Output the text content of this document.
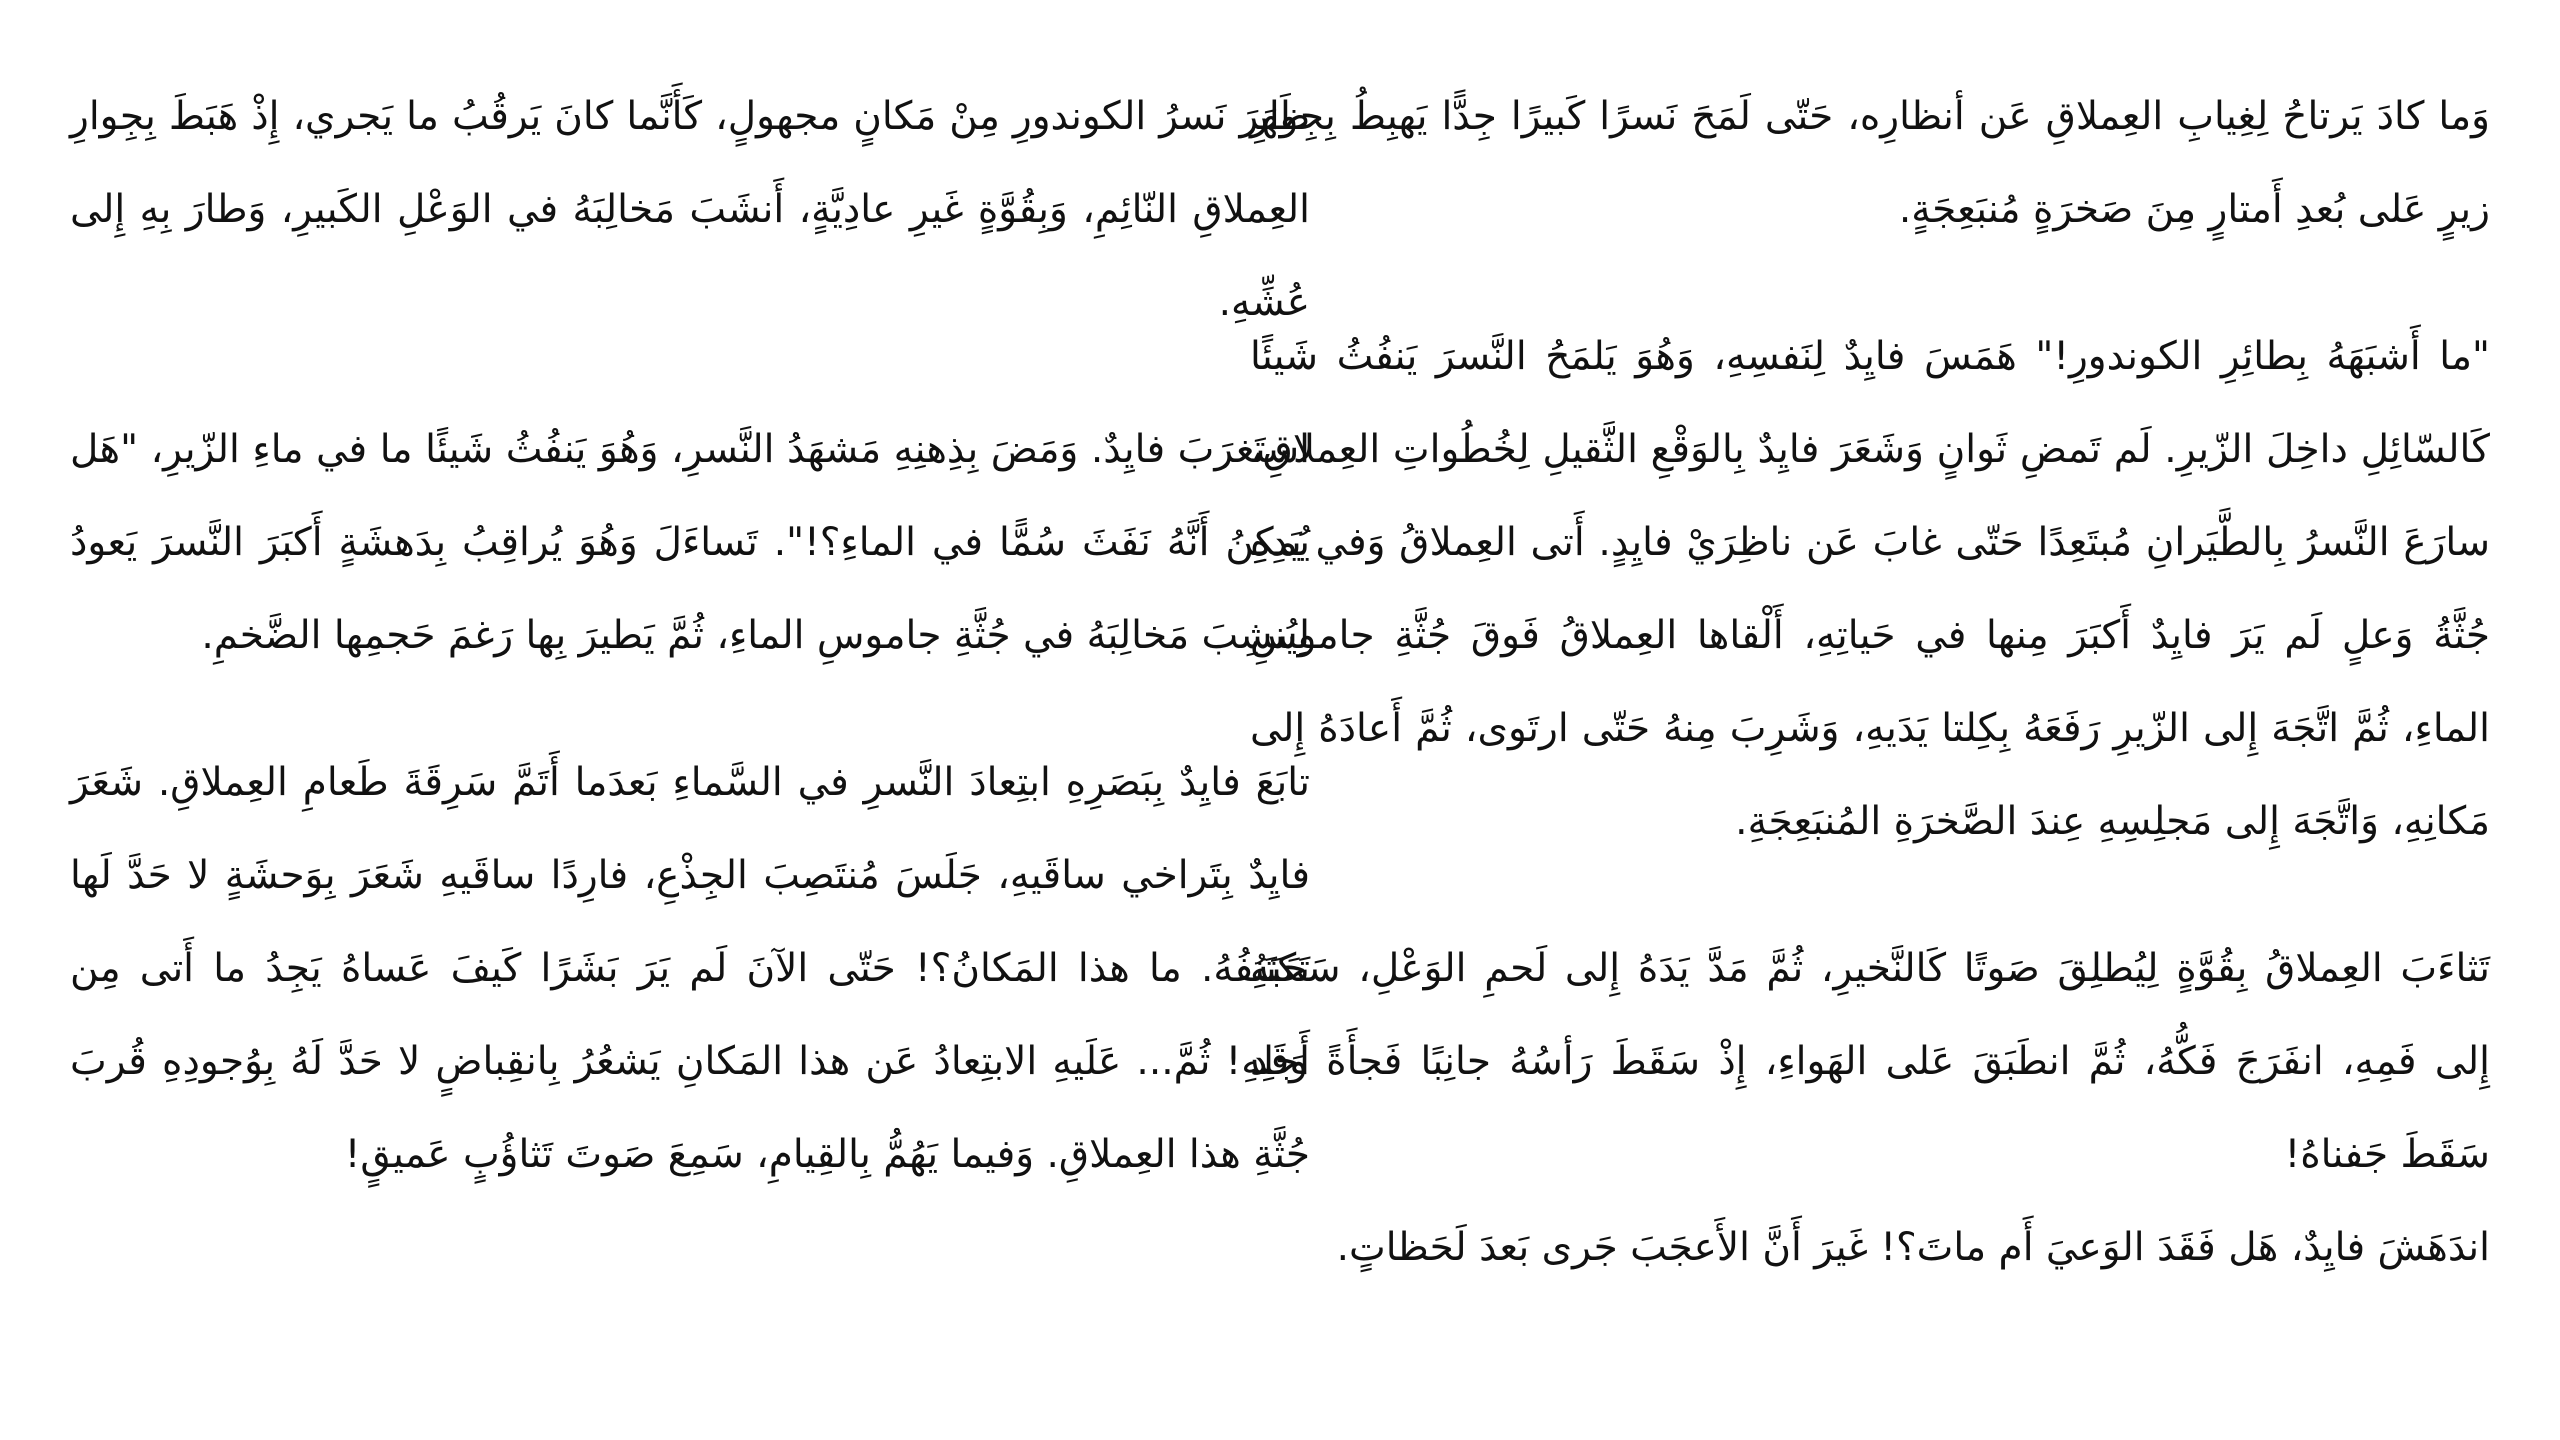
وَما كادَ يَرتاحُ لِغِيابِ العِملاقِ عَن أنظارِه، حَتّى لَمَحَ نَسرًا كَبيرًا جِدًّا يَهبِطُ بِجِوارِ زيرٍ عَلى بُعدِ أَمتارٍ مِنَ صَخرَةٍ مُنبَعِجَةٍ.

"ما أَشبَهَهُ بِطائِرِ الكوندورِ!" هَمَسَ فايِدٌ لِنَفسِهِ، وَهُوَ يَلمَحُ النَّسرَ يَنفُثُ شَيئًا كَالسّائِلِ داخِلَ الزّيرِ. لَم تَمضِ ثَوانٍ وَشَعَرَ فايِدٌ بِالوَقْعِ الثَّقيلِ لِخُطُواتِ العِملاقِ، سارَعَ النَّسرُ بِالطَّيَرانِ مُبتَعِدًا حَتّى غابَ عَن ناظِرَيْ فايِدٍ. أَتى العِملاقُ وَفي يَدِهِ جُثَّةُ وَعلٍ لَم يَرَ فايِدٌ أَكبَرَ مِنها في حَياتِهِ، أَلْقاها العِملاقُ فَوقَ جُثَّةِ جاموسِ الماءِ، ثُمَّ اتَّجَهَ إِلى الزّيرِ رَفَعَهُ بِكِلتا يَدَيهِ، وَشَرِبَ مِنهُ حَتّى ارتَوى، ثُمَّ أَعادَهُ إِلى مَكانِهِ، وَاتَّجَهَ إِلى مَجلِسِهِ عِندَ الصَّخرَةِ المُنبَعِجَةِ.

تَثاءَبَ العِملاقُ بِقُوَّةٍ لِيُطلِقَ صَوتًا كَالنَّخيرِ، ثُمَّ مَدَّ يَدَهُ إِلى لَحمِ الوَعْلِ، سَحَبَهُ إِلى فَمِهِ، انفَرَجَ فَكُّهُ، ثُمَّ انطَبَقَ عَلى الهَواءِ، إِذْ سَقَطَ رَأسُهُ جانِبًا فَجأَةً وَقَد سَقَطَ جَفناهُ!

اندَهَشَ فايِدٌ، هَل فَقَدَ الوَعيَ أَم ماتَ؟! غَيرَ أَنَّ الأَعجَبَ جَرى بَعدَ لَحَظاتٍ.

ظَهَرَ نَسرُ الكوندورِ مِنْ مَكانٍ مجهولٍ، كَأَنَّما كانَ يَرقُبُ ما يَجري، إِذْ هَبَطَ بِجِوارِ العِملاقِ النّائِمِ، وَبِقُوَّةٍ غَيرِ عادِيَّةٍ، أَنشَبَ مَخالِبَهُ في الوَعْلِ الكَبيرِ، وَطارَ بِهِ إِلى عُشِّهِ.

استَغرَبَ فايِدٌ. وَمَضَ بِذِهنِهِ مَشهَدُ النَّسرِ، وَهُوَ يَنفُثُ شَيئًا ما في ماءِ الزّيرِ، "هَل يُمكِنُ أَنَّهُ نَفَثَ سُمًّا في الماءِ؟!". تَساءَلَ وَهُوَ يُراقِبُ بِدَهشَةٍ أَكبَرَ النَّسرَ يَعودُ لِيُنشِبَ مَخالِبَهُ في جُثَّةِ جاموسِ الماءِ، ثُمَّ يَطيرَ بِها رَغمَ حَجمِها الضَّخمِ.

تابَعَ فايِدٌ بِبَصَرِهِ ابتِعادَ النَّسرِ في السَّماءِ بَعدَما أَتَمَّ سَرِقَةَ طَعامِ العِملاقِ. شَعَرَ فايِدٌ بِتَراخي ساقَيهِ، جَلَسَ مُنتَصِبَ الجِذْعِ، فارِدًا ساقَيهِ شَعَرَ بِوَحشَةٍ لا حَدَّ لَها تَكتَنِفُهُ. ما هذا المَكانُ؟! حَتّى الآنَ لَم يَرَ بَشَرًا كَيفَ عَساهُ يَجِدُ ما أَتى مِن أَجلِهِ! ثُمَّ... عَلَيهِ الابتِعادُ عَن هذا المَكانِ يَشعُرُ بِانقِباضٍ لا حَدَّ لَهُ بِوُجودِهِ قُربَ جُثَّةِ هذا العِملاقِ. وَفيما يَهُمُّ بِالقِيامِ، سَمِعَ صَوتَ تَثاؤُبٍ عَميقٍ!
